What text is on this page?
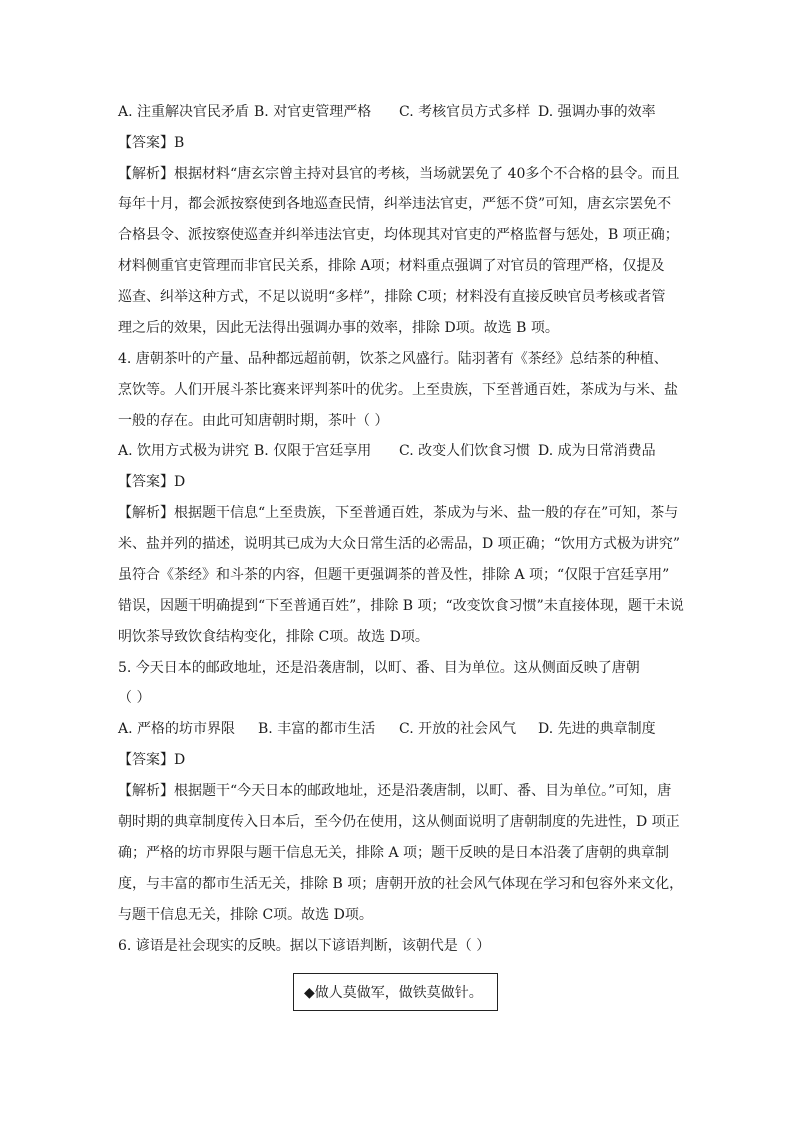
A. 注重解决官民矛盾 B. 对官吏管理严格	C. 考核官员方式多样 D. 强调办事的效率
【答案】B
【解析】根据材料“唐玄宗曾主持对县官的考核，当场就罢免了 40多个不合格的县令。而且
每年十月，都会派按察使到各地巡查民情，纠举违法官吏，严惩不贷”可知，唐玄宗罢免不
合格县令、派按察使巡查并纠举违法官吏，均体现其对官吏的严格监督与惩处，B 项正确；
材料侧重官吏管理而非官民关系，排除 A项；材料重点强调了对官员的管理严格，仅提及
巡查、纠举这种方式，不足以说明“多样”，排除 C项；材料没有直接反映官员考核或者管
理之后的效果，因此无法得出强调办事的效率，排除 D项。故选 B 项。
4. 唐朝茶叶的产量、品种都远超前朝，饮茶之风盛行。陆羽著有《茶经》总结茶的种植、
烹饮等。人们开展斗茶比赛来评判茶叶的优劣。上至贵族，下至普通百姓，茶成为与米、盐
一般的存在。由此可知唐朝时期，茶叶（ ）
A. 饮用方式极为讲究 B. 仅限于宫廷享用	C. 改变人们饮食习惯 D. 成为日常消费品
【答案】D
【解析】根据题干信息“上至贵族，下至普通百姓，茶成为与米、盐一般的存在”可知，茶与
米、盐并列的描述，说明其已成为大众日常生活的必需品，D 项正确；“饮用方式极为讲究”
虽符合《茶经》和斗茶的内容，但题干更强调茶的普及性，排除 A 项；“仅限于宫廷享用”
错误，因题干明确提到“下至普通百姓”，排除 B 项；“改变饮食习惯”未直接体现，题干未说
明饮茶导致饮食结构变化，排除 C项。故选 D项。
5. 今天日本的邮政地址，还是沿袭唐制，以町、番、目为单位。这从侧面反映了唐朝
（ ）
A. 严格的坊市界限	B. 丰富的都市生活	C. 开放的社会风气	D. 先进的典章制度
【答案】D
【解析】根据题干“今天日本的邮政地址，还是沿袭唐制，以町、番、目为单位。”可知，唐
朝时期的典章制度传入日本后，至今仍在使用，这从侧面说明了唐朝制度的先进性，D 项正
确；严格的坊市界限与题干信息无关，排除 A 项；题干反映的是日本沿袭了唐朝的典章制
度，与丰富的都市生活无关，排除 B 项；唐朝开放的社会风气体现在学习和包容外来文化，
与题干信息无关，排除 C项。故选 D项。
6. 谚语是社会现实的反映。据以下谚语判断，该朝代是（ ）
◆做人莫做军，做铁莫做针。
